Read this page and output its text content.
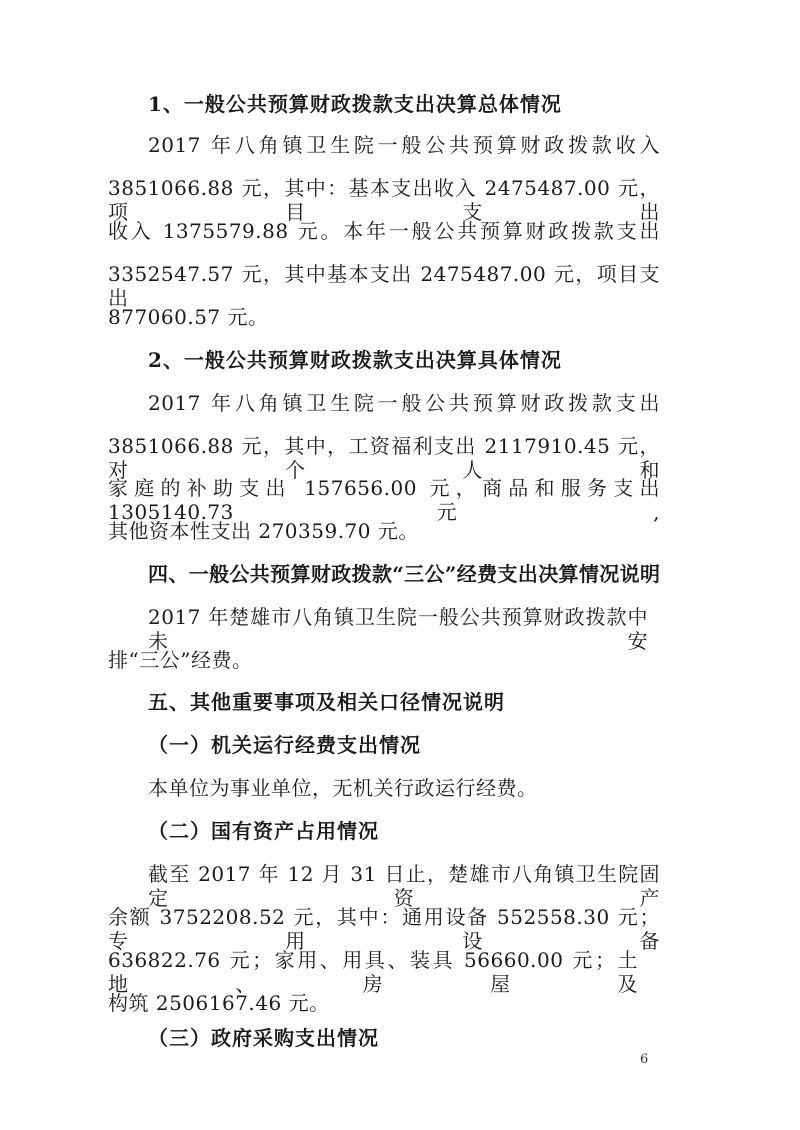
1、一般公共预算财政拨款支出决算总体情况
2017 年八角镇卫生院一般公共预算财政拨款收入
3851066.88 元，其中：基本支出收入 2475487.00 元，项目支出
收入 1375579.88 元。本年一般公共预算财政拨款支出
3352547.57 元，其中基本支出 2475487.00 元，项目支出
877060.57 元。
2、一般公共预算财政拨款支出决算具体情况
2017 年八角镇卫生院一般公共预算财政拨款支出
3851066.88 元，其中，工资福利支出 2117910.45 元，对个人和
家庭的补助支出 157656.00 元，商品和服务支出 1305140.73 元,
其他资本性支出 270359.70 元。
四、一般公共预算财政拨款“三公”经费支出决算情况说明
2017 年楚雄市八角镇卫生院一般公共预算财政拨款中未安
排“三公”经费。
五、其他重要事项及相关口径情况说明
（一）机关运行经费支出情况
本单位为事业单位，无机关行政运行经费。
（二）国有资产占用情况
截至 2017 年 12 月 31 日止，楚雄市八角镇卫生院固定资产
余额 3752208.52 元，其中：通用设备 552558.30 元；专用设备
636822.76 元；家用、用具、装具 56660.00 元；土地、房屋及
构筑 2506167.46 元。
（三）政府采购支出情况
6
